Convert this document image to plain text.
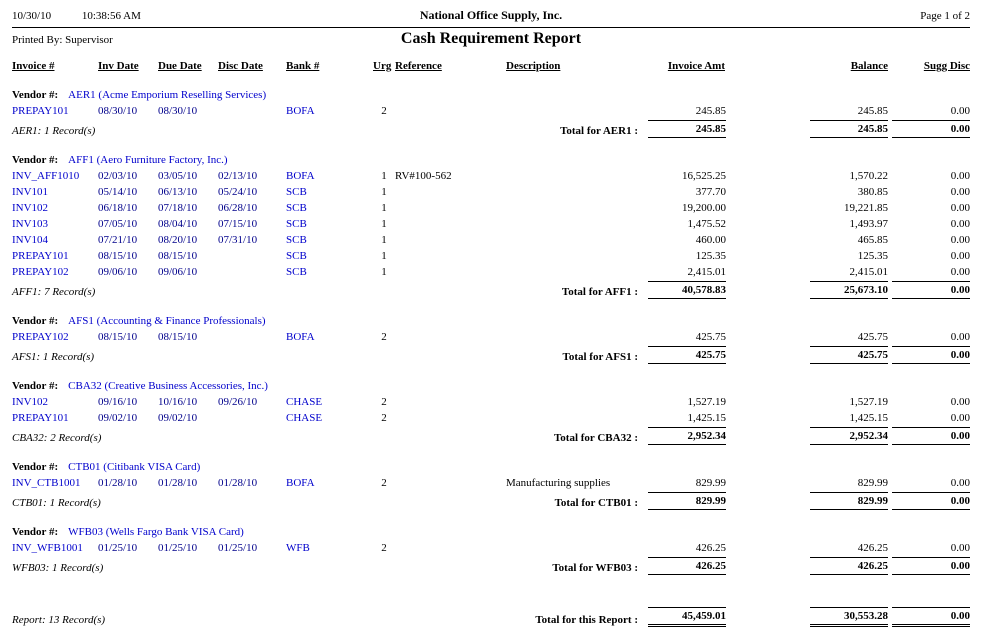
10/30/10	10:38:56 AM	National Office Supply, Inc.	Page 1 of 2
Printed By: Supervisor	Cash Requirement Report
Invoice #	Inv Date	Due Date	Disc Date	Bank #	Urg	Reference	Description	Invoice Amt	Balance	Sugg Disc

Vendor #: AER1 (Acme Emporium Reselling Services)										
PREPAY101	08/30/10	08/30/10		BOFA	2			245.85	245.85	0.00
AER1: 1 Record(s)				Total for AER1 :				245.85	245.85	0.00

Vendor #: AFF1 (Aero Furniture Factory, Inc.)										
INV_AFF1010	02/03/10	03/05/10	02/13/10	BOFA	1	RV#100-562		16,525.25	1,570.22	0.00
INV101	05/14/10	06/13/10	05/24/10	SCB	1			377.70	380.85	0.00
INV102	06/18/10	07/18/10	06/28/10	SCB	1			19,200.00	19,221.85	0.00
INV103	07/05/10	08/04/10	07/15/10	SCB	1			1,475.52	1,493.97	0.00
INV104	07/21/10	08/20/10	07/31/10	SCB	1			460.00	465.85	0.00
PREPAY101	08/15/10	08/15/10		SCB	1			125.35	125.35	0.00
PREPAY102	09/06/10	09/06/10		SCB	1			2,415.01	2,415.01	0.00
AFF1: 7 Record(s)				Total for AFF1 :				40,578.83	25,673.10	0.00

Vendor #: AFS1 (Accounting & Finance Professionals)										
PREPAY102	08/15/10	08/15/10		BOFA	2			425.75	425.75	0.00
AFS1: 1 Record(s)				Total for AFS1 :				425.75	425.75	0.00

Vendor #: CBA32 (Creative Business Accessories, Inc.)										
INV102	09/16/10	10/16/10	09/26/10	CHASE	2			1,527.19	1,527.19	0.00
PREPAY101	09/02/10	09/02/10		CHASE	2			1,425.15	1,425.15	0.00
CBA32: 2 Record(s)				Total for CBA32 :				2,952.34	2,952.34	0.00

Vendor #: CTB01 (Citibank VISA Card)										
INV_CTB1001	01/28/10	01/28/10	01/28/10	BOFA	2		Manufacturing supplies	829.99	829.99	0.00
CTB01: 1 Record(s)				Total for CTB01 :				829.99	829.99	0.00

Vendor #: WFB03 (Wells Fargo Bank VISA Card)										
INV_WFB1001	01/25/10	01/25/10	01/25/10	WFB	2			426.25	426.25	0.00
WFB03: 1 Record(s)				Total for WFB03 :				426.25	426.25	0.00

Report: 13 Record(s)				Total for this Report :				45,459.01	30,553.28	0.00
